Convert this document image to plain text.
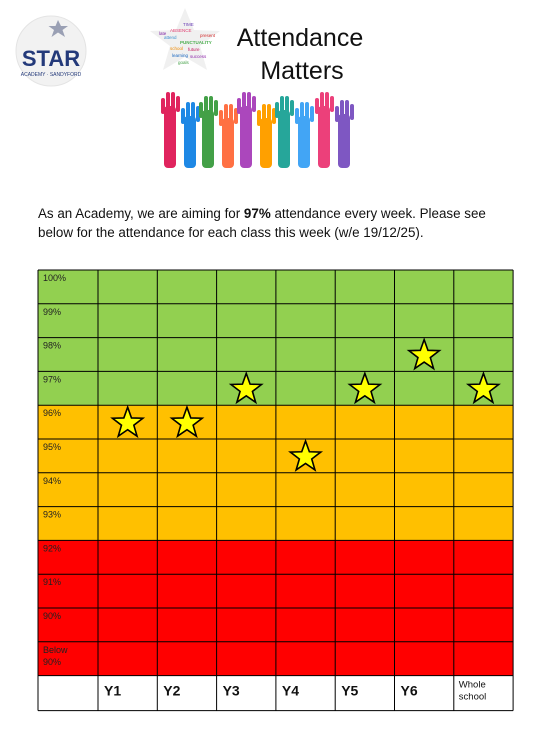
STAR
ACADEMY · SANDYFORD
ABSENCE
TIME
attend
PUNCTUALITY
school future
learning success
goals
late	present Attendance
Matters
As an Academy, we are aiming for 97% attendance every week. Please see below for the attendance for each class this week (w/e 19/12/25).
100%
99%
98%
97%
96%
95%
94%
93%
92%
91%
90%
Below
90%
Y1	Y2	Y3	Y4	Y5	Y6	Whole
school
